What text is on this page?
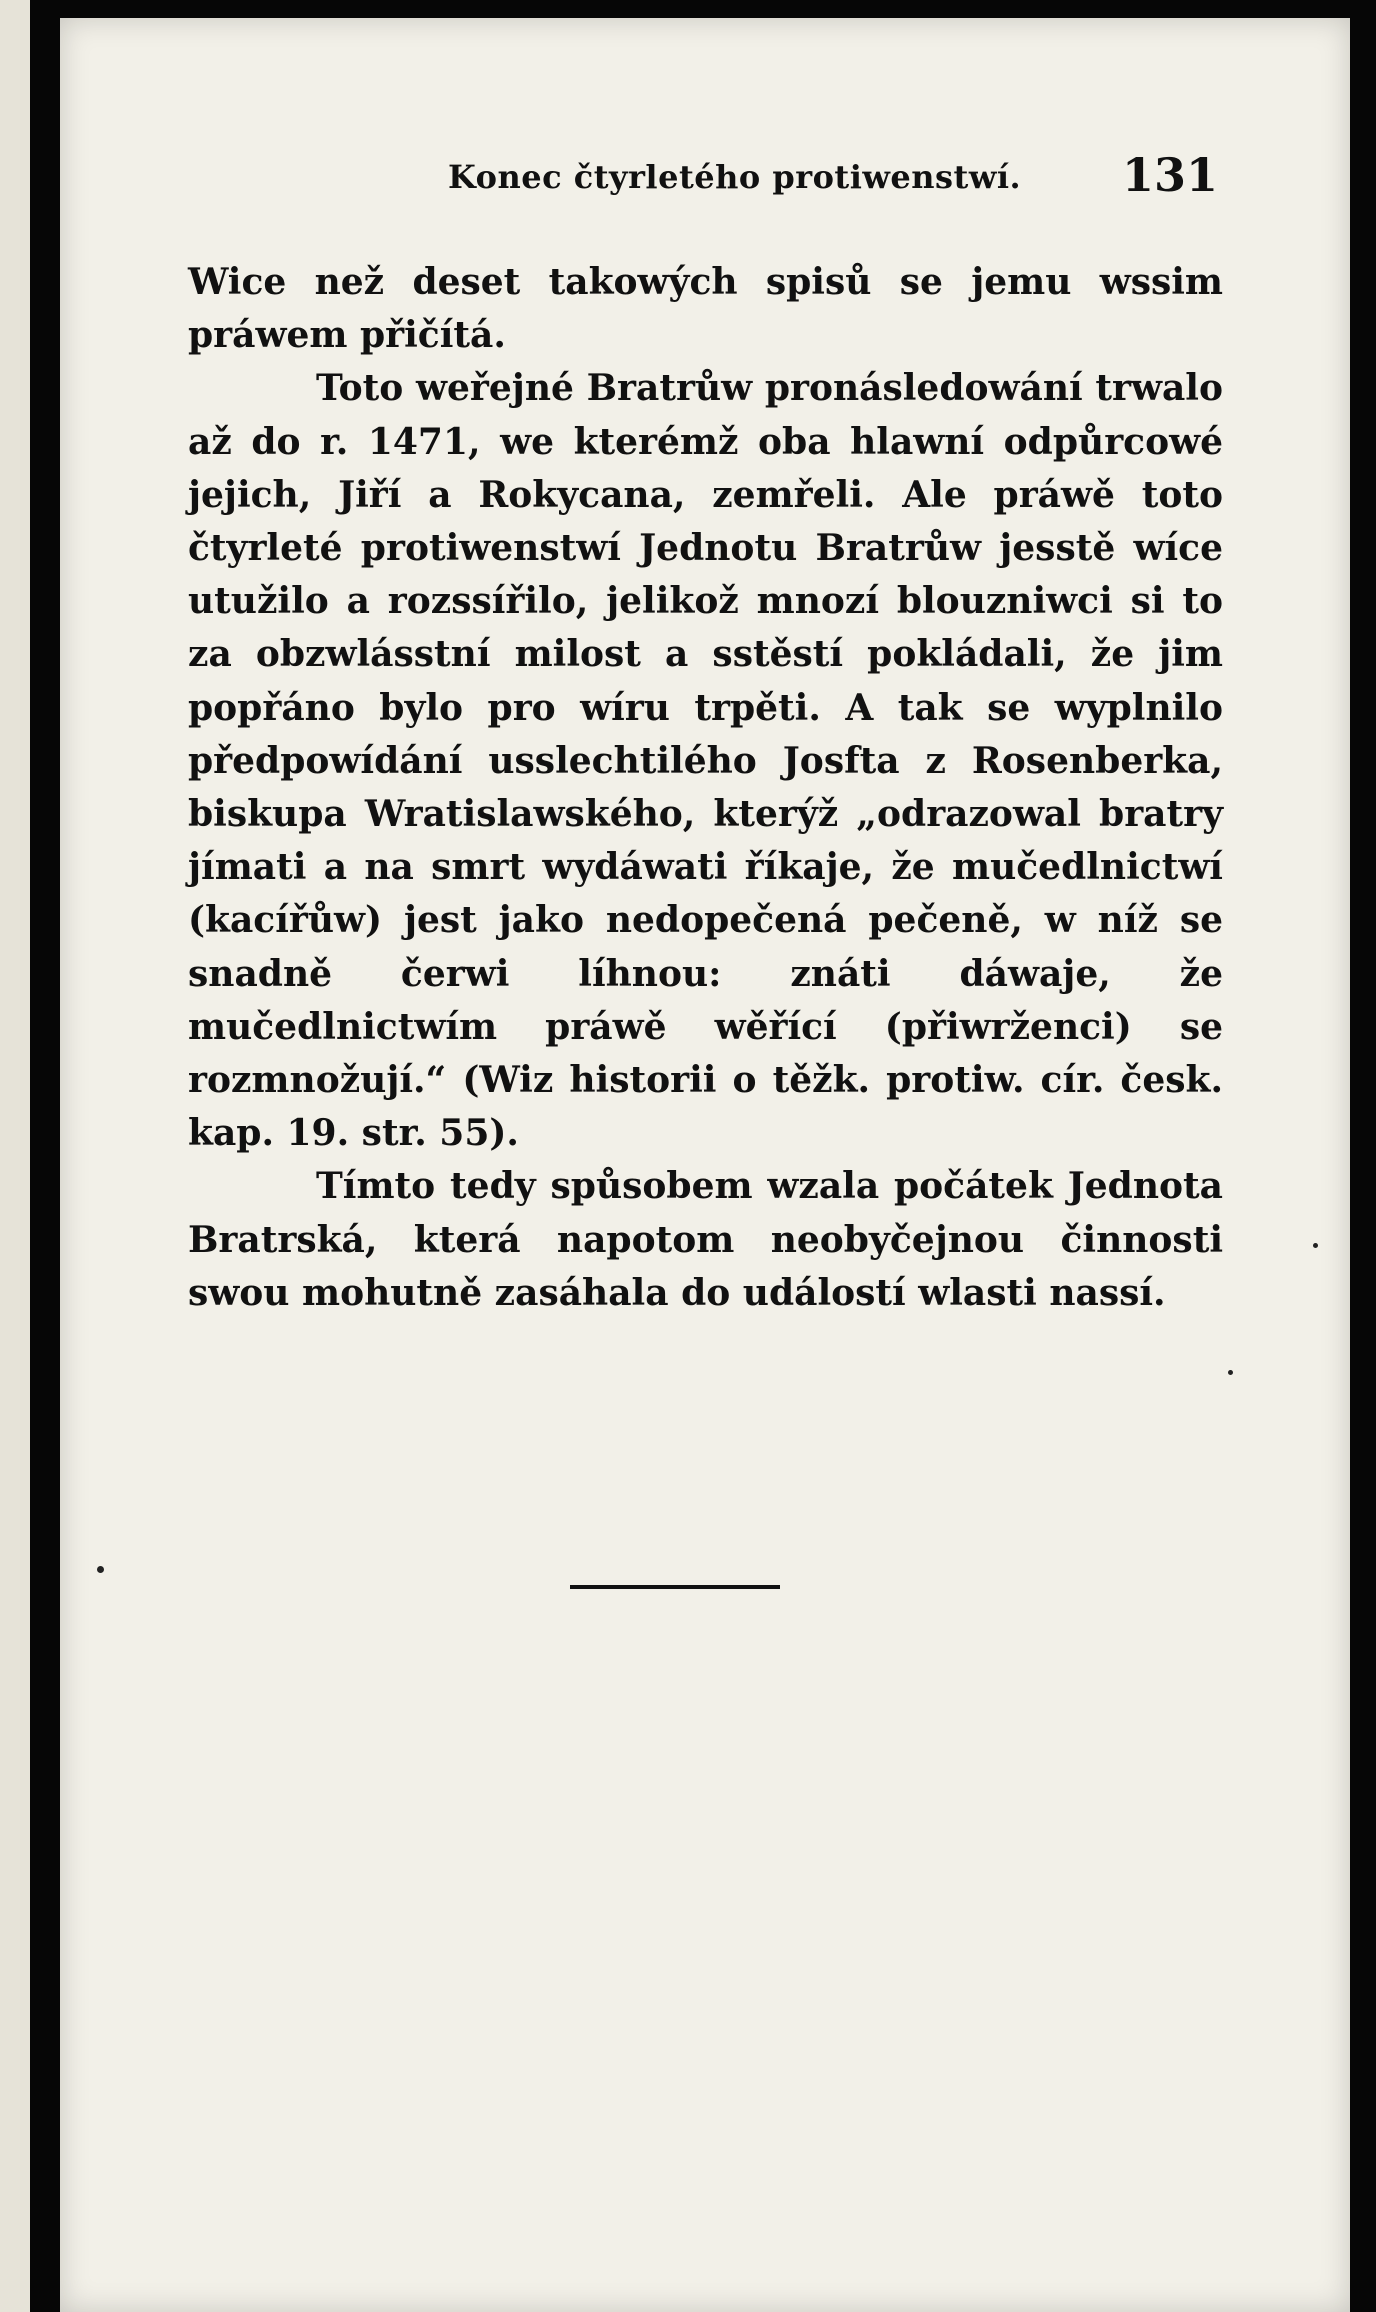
Konec čtyrletého protiwenstwí. 131

Wice než deset takowých spisů se jemu wssim práwem přičítá.

Toto weřejné Bratrůw pronásledowání trwalo až do r. 1471, we kterémž oba hlawní odpůrcowé jejich, Jiří a Rokycana, zemřeli. Ale práwě toto čtyrleté protiwenstwí Jednotu Bratrůw jesstě wíce utužilo a rozssířilo, jelikož mnozí blouzniwci si to za obzwlásstní milost a sstěstí pokládali, že jim popřáno bylo pro wíru trpěti. A tak se wyplnilo předpowídání usslechtilého Josfta z Rosenberka, biskupa Wratislawského, kterýž „odrazowal bratry jímati a na smrt wydáwati říkaje, že mučedlnictwí (kacířůw) jest jako nedopečená pečeně, w níž se snadně čerwi líhnou: znáti dáwaje, že mučedlnictwím práwě wěřící (přiwrženci) se rozmnožují.“ (Wiz historii o těžk. protiw. cír. česk. kap. 19. str. 55).

Tímto tedy spůsobem wzala počátek Jednota Bratrská, která napotom neobyčejnou činnosti swou mohutně zasáhala do událostí wlasti nassí.
